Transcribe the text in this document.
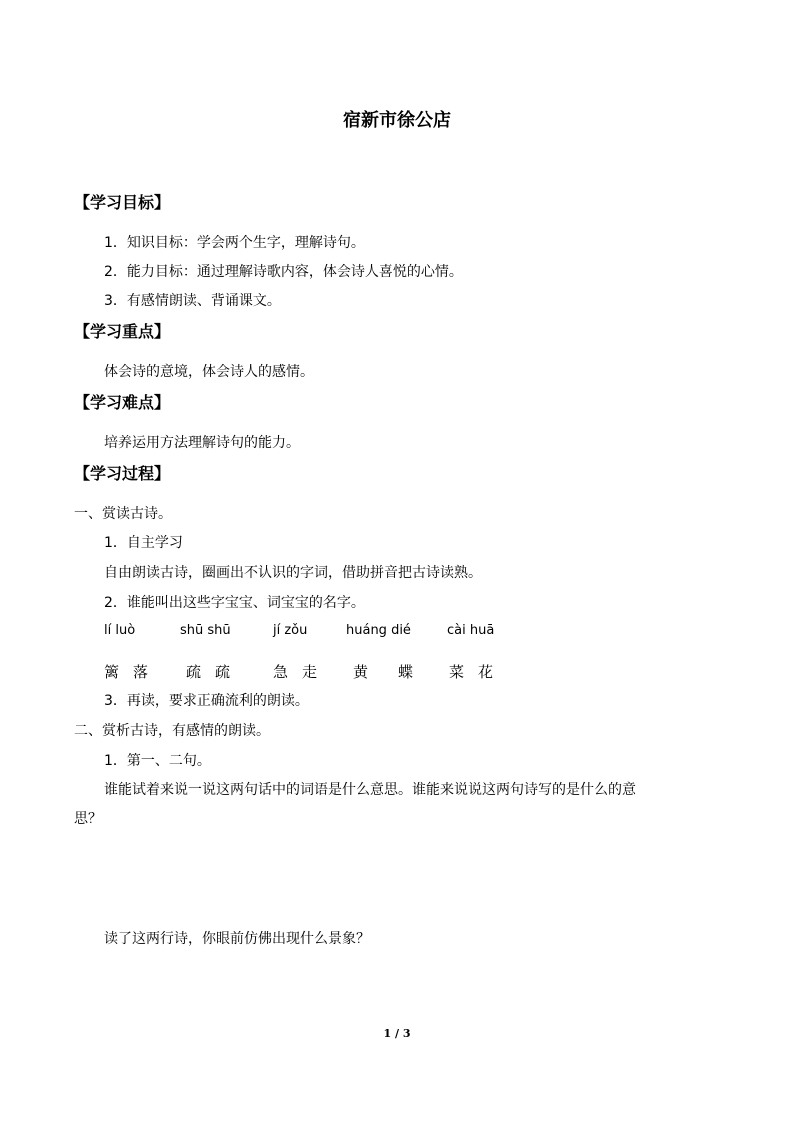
宿新市徐公店
【学习目标】
1．知识目标：学会两个生字，理解诗句。
2．能力目标：通过理解诗歌内容，体会诗人喜悦的心情。
3．有感情朗读、背诵课文。
【学习重点】
体会诗的意境，体会诗人的感情。
【学习难点】
培养运用方法理解诗句的能力。
【学习过程】
一、赏读古诗。
1．自主学习
自由朗读古诗，圈画出不认识的字词，借助拼音把古诗读熟。
2．谁能叫出这些字宝宝、词宝宝的名字。
lí luò	shū shū	jí zǒu	huáng dié	cài huā
篱落 疏疏 急走 黄蝶 菜花
3．再读，要求正确流利的朗读。
二、赏析古诗，有感情的朗读。
1．第一、二句。
谁能试着来说一说这两句话中的词语是什么意思。谁能来说说这两句诗写的是什么的意
思？
读了这两行诗，你眼前仿佛出现什么景象？
1 / 3
